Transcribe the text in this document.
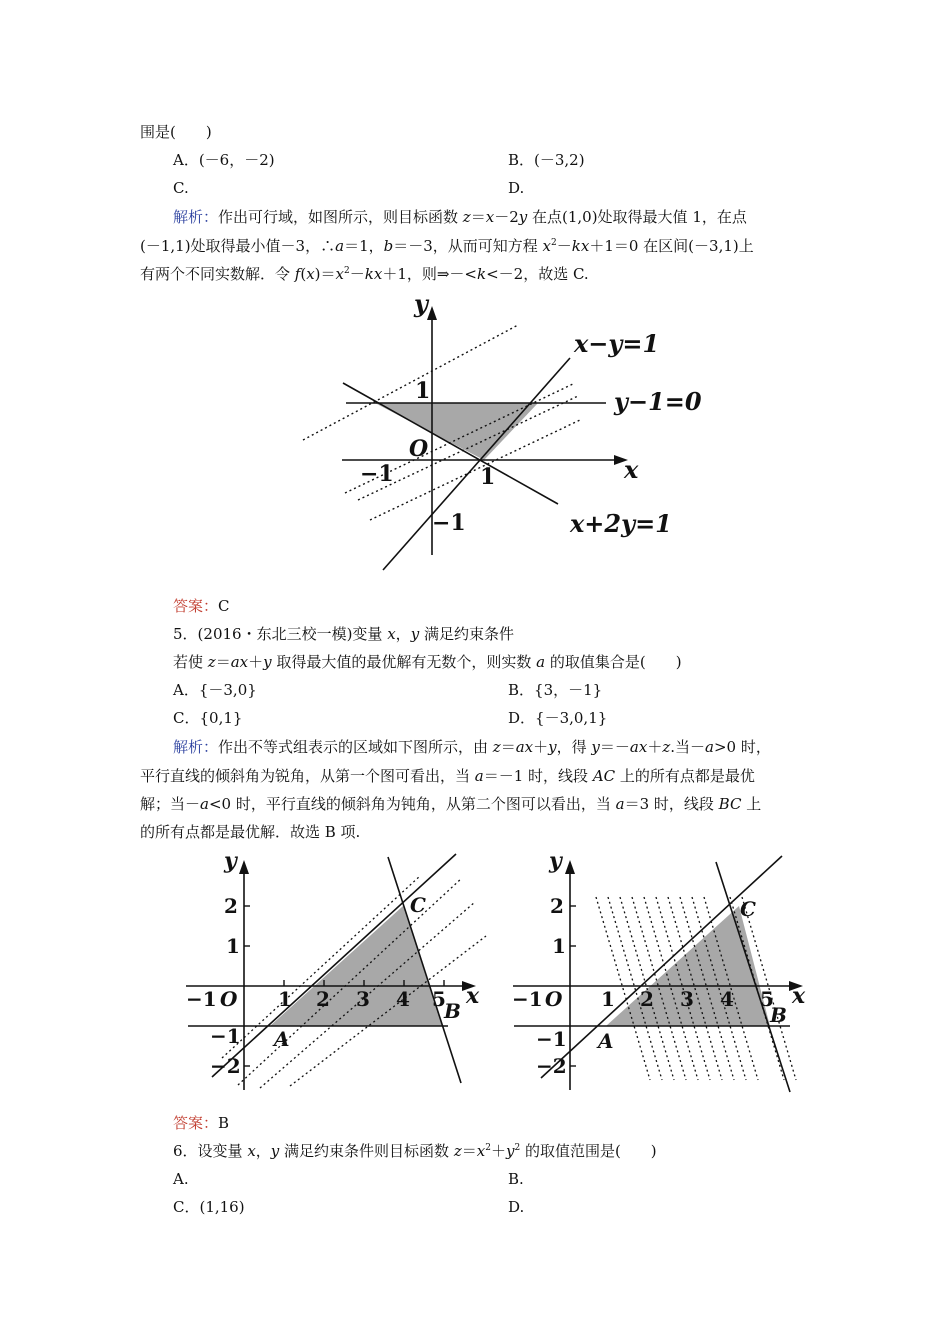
围是(　　)
A．(－6，－2)	B．(－3,2)
C.	D.
解析：作出可行域，如图所示，则目标函数 z＝x－2y 在点(1,0)处取得最大值 1，在点
(－1,1)处取得最小值－3，∴a＝1，b＝－3，从而可知方程 $x^2-kx+1=0$ 在区间(－3,1)上
有两个不同实数解．令 $f(x)=x^2-kx+1$，则⇒－<k<－2，故选 C.
y
x
O
1
1
−1
−1
x−y=1
y−1=0
x+2y=1
答案：C
5．(2016・东北三校一模)变量 x，y 满足约束条件
若使 z＝ax＋y 取得最大值的最优解有无数个，则实数 a 的取值集合是(　　)
A．{－3,0}	B．{3，－1}
C．{0,1}	D．{－3,0,1}
解析：作出不等式组表示的区域如下图所示，由 z＝ax＋y，得 y＝－ax＋z.当－a>0 时，
平行直线的倾斜角为锐角，从第一个图可看出，当 a＝－1 时，线段 AC 上的所有点都是最优
解；当－a<0 时，平行直线的倾斜角为钝角，从第二个图可以看出，当 a＝3 时，线段 BC 上
的所有点都是最优解．故选 B 项.
y
x
O
−1	1 2 3 4 5
2
1
−1
−2
A
B
C
y
x
O
−1	1 2 3 4 5
2
1
−1
−2
A
B
C
答案：B
6．设变量 x，y 满足约束条件则目标函数 $z=x^2+y^2$ 的取值范围是(　　)
A.	B.
C．(1,16)	D.
